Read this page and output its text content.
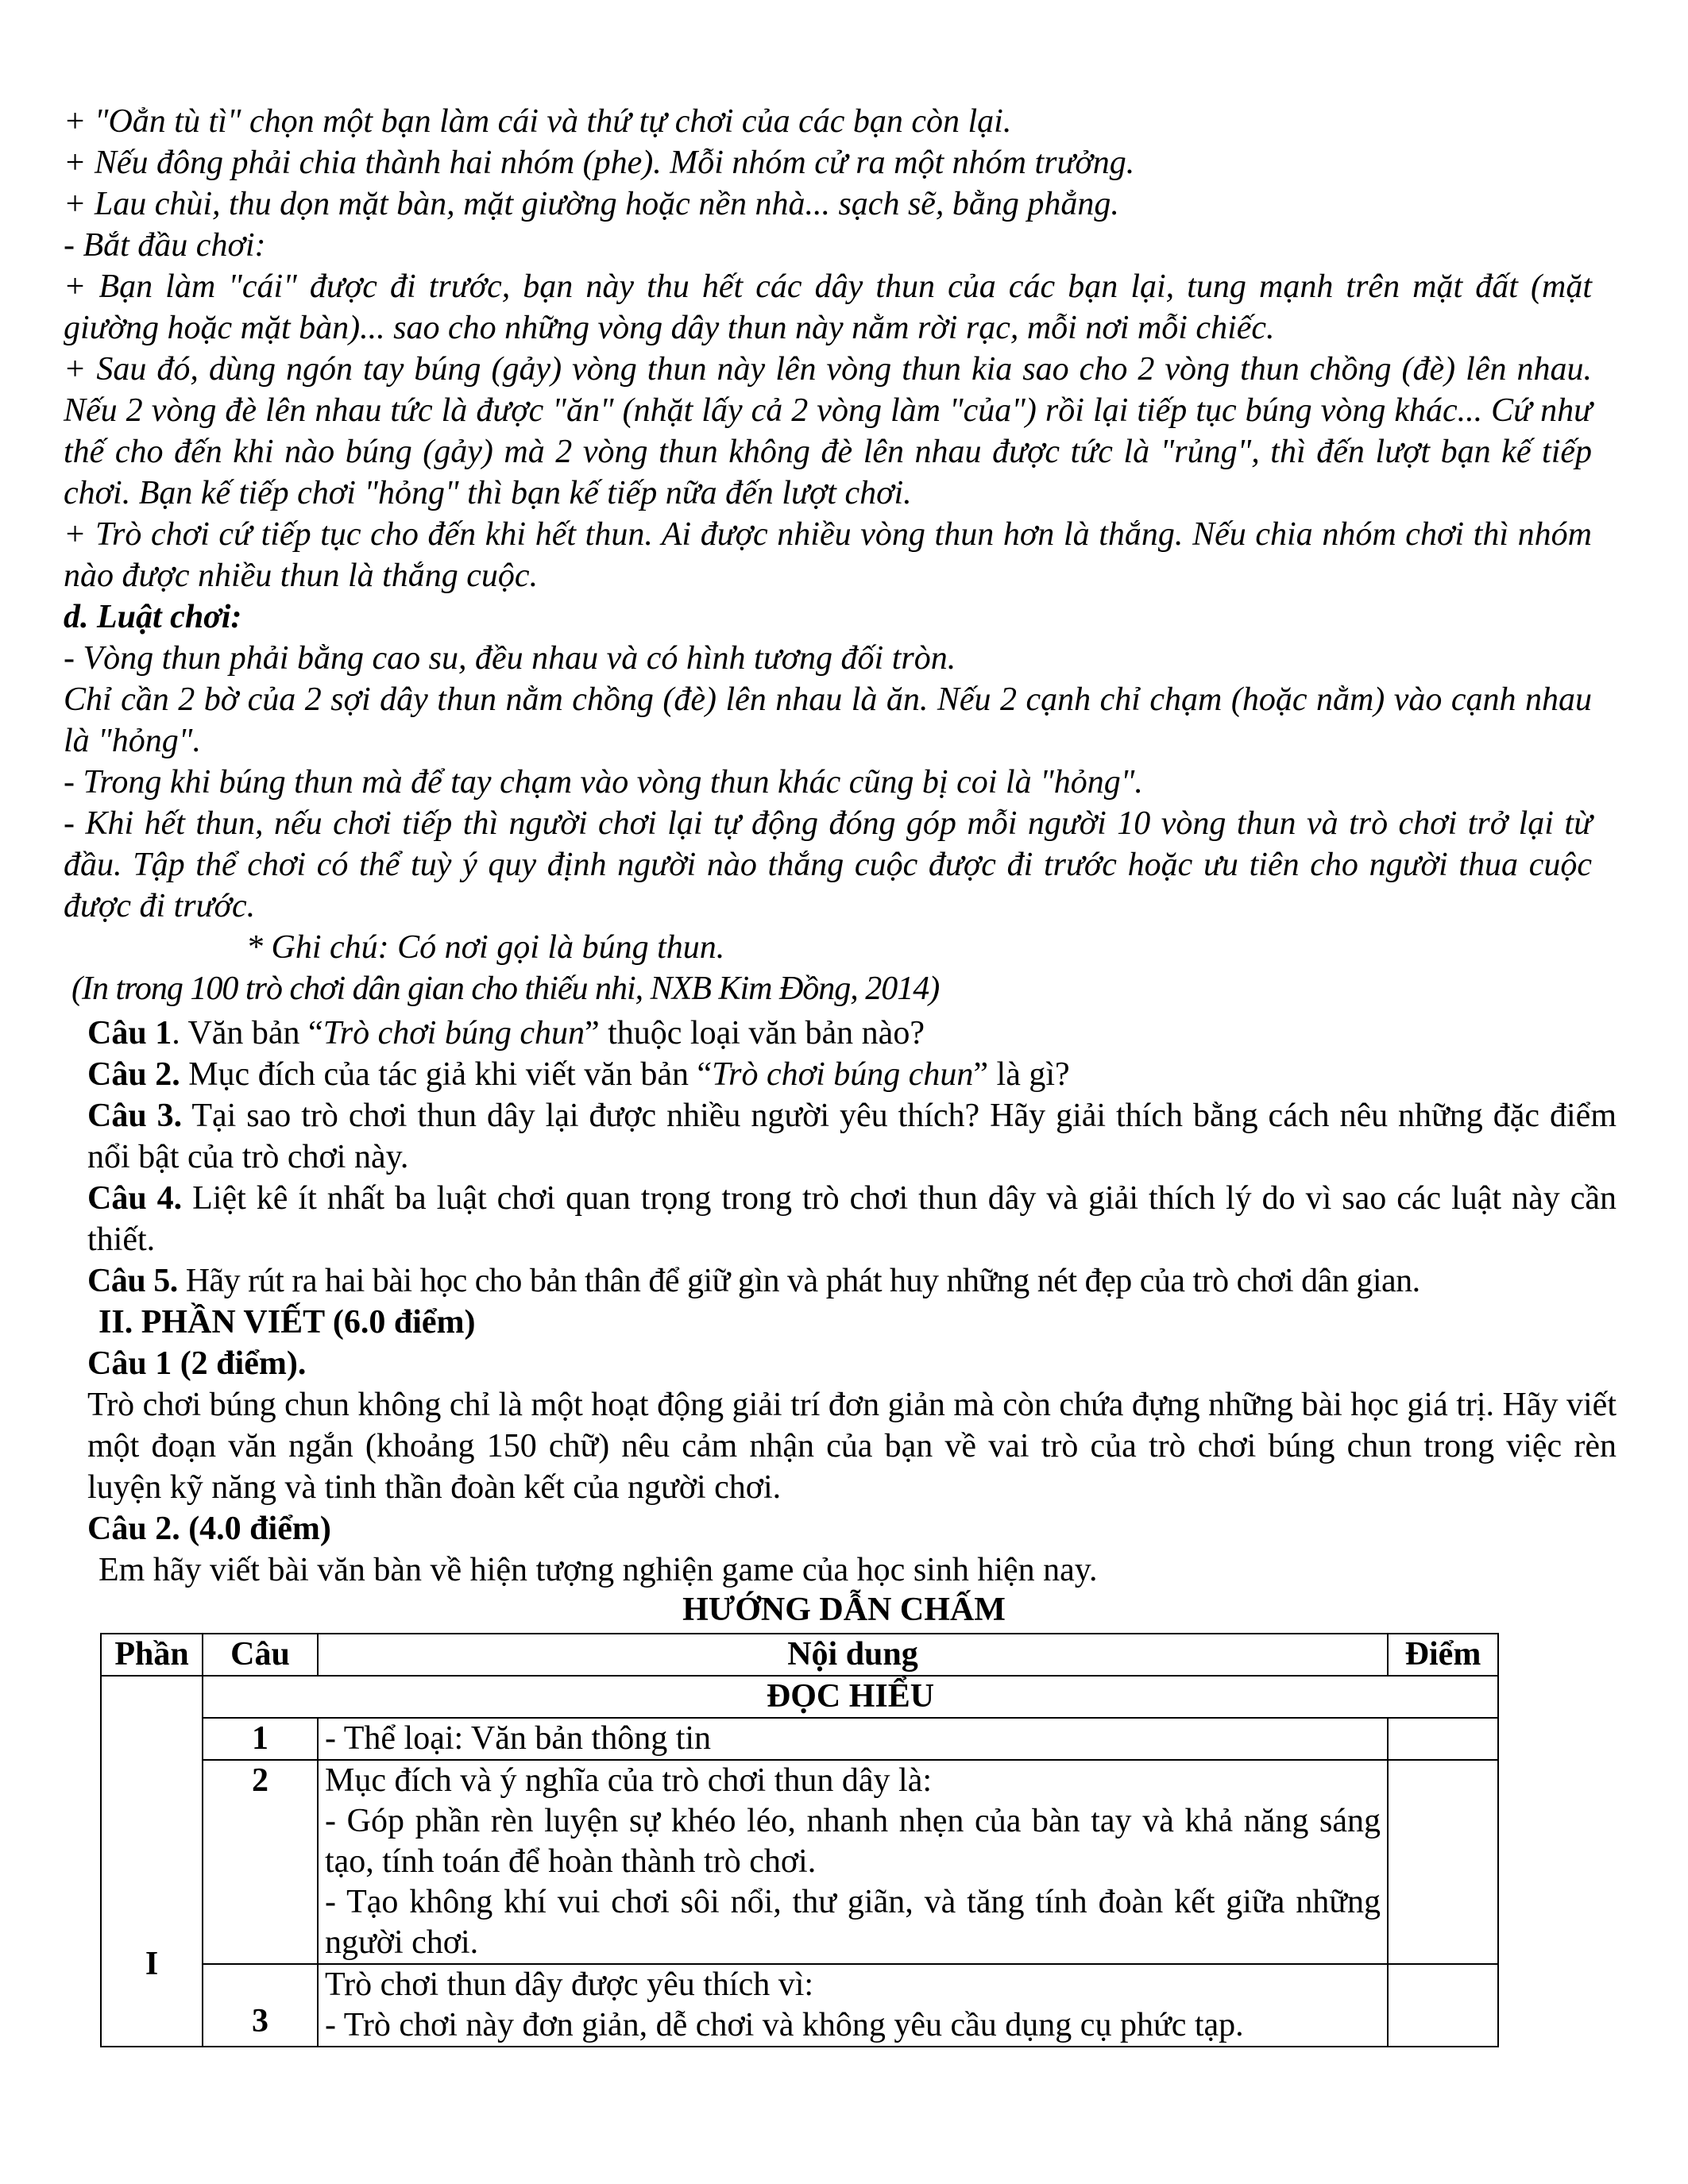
+ "Oẳn tù tì" chọn một bạn làm cái và thứ tự chơi của các bạn còn lại.
+ Nếu đông phải chia thành hai nhóm (phe). Mỗi nhóm cử ra một nhóm trưởng.
+ Lau chùi, thu dọn mặt bàn, mặt giường hoặc nền nhà... sạch sẽ, bằng phẳng.
- Bắt đầu chơi:
+ Bạn làm "cái" được đi trước, bạn này thu hết các dây thun của các bạn lại, tung mạnh trên mặt đất (mặt giường hoặc mặt bàn)... sao cho những vòng dây thun này nằm rời rạc, mỗi nơi mỗi chiếc.
+ Sau đó, dùng ngón tay búng (gảy) vòng thun này lên vòng thun kia sao cho 2 vòng thun chồng (đè) lên nhau. Nếu 2 vòng đè lên nhau tức là được "ăn" (nhặt lấy cả 2 vòng làm "của") rồi lại tiếp tục búng vòng khác... Cứ như thế cho đến khi nào búng (gảy) mà 2 vòng thun không đè lên nhau được tức là "rủng", thì đến lượt bạn kế tiếp chơi. Bạn kế tiếp chơi "hỏng" thì bạn kế tiếp nữa đến lượt chơi.
+ Trò chơi cứ tiếp tục cho đến khi hết thun. Ai được nhiều vòng thun hơn là thắng. Nếu chia nhóm chơi thì nhóm nào được nhiều thun là thắng cuộc.
d. Luật chơi:
- Vòng thun phải bằng cao su, đều nhau và có hình tương đối tròn.
Chỉ cần 2 bờ của 2 sợi dây thun nằm chồng (đè) lên nhau là ăn. Nếu 2 cạnh chỉ chạm (hoặc nằm) vào cạnh nhau là "hỏng".
- Trong khi búng thun mà để tay chạm vào vòng thun khác cũng bị coi là "hỏng".
- Khi hết thun, nếu chơi tiếp thì người chơi lại tự động đóng góp mỗi người 10 vòng thun và trò chơi trở lại từ đầu. Tập thể chơi có thể tuỳ ý quy định người nào thắng cuộc được đi trước hoặc ưu tiên cho người thua cuộc được đi trước.
* Ghi chú: Có nơi gọi là búng thun.
(In trong 100 trò chơi dân gian cho thiếu nhi, NXB Kim Đồng, 2014)
Câu 1. Văn bản “Trò chơi búng chun” thuộc loại văn bản nào?
Câu 2. Mục đích của tác giả khi viết văn bản “Trò chơi búng chun” là gì?
Câu 3. Tại sao trò chơi thun dây lại được nhiều người yêu thích? Hãy giải thích bằng cách nêu những đặc điểm nổi bật của trò chơi này.
Câu 4. Liệt kê ít nhất ba luật chơi quan trọng trong trò chơi thun dây và giải thích lý do vì sao các luật này cần thiết.
Câu 5. Hãy rút ra hai bài học cho bản thân để giữ gìn và phát huy những nét đẹp của trò chơi dân gian.
II. PHẦN VIẾT (6.0 điểm)
Câu 1 (2 điểm).
Trò chơi búng chun không chỉ là một hoạt động giải trí đơn giản mà còn chứa đựng những bài học giá trị. Hãy viết một đoạn văn ngắn (khoảng 150 chữ) nêu cảm nhận của bạn về vai trò của trò chơi búng chun trong việc rèn luyện kỹ năng và tinh thần đoàn kết của người chơi.
Câu 2. (4.0 điểm)
Em hãy viết bài văn bàn về hiện tượng nghiện game của học sinh hiện nay.
HƯỚNG DẪN CHẤM
Phần	Câu	Nội dung	Điểm
I	ĐỌC HIỂU		
	1	- Thể loại: Văn bản thông tin	

	2	Mục đích và ý nghĩa của trò chơi thun dây là:
- Góp phần rèn luyện sự khéo léo, nhanh nhẹn của bàn tay và khả năng sáng tạo, tính toán để hoàn thành trò chơi.
- Tạo không khí vui chơi sôi nổi, thư giãn, và tăng tính đoàn kết giữa những người chơi.	

	3	Trò chơi thun dây được yêu thích vì:
- Trò chơi này đơn giản, dễ chơi và không yêu cầu dụng cụ phức tạp.	
